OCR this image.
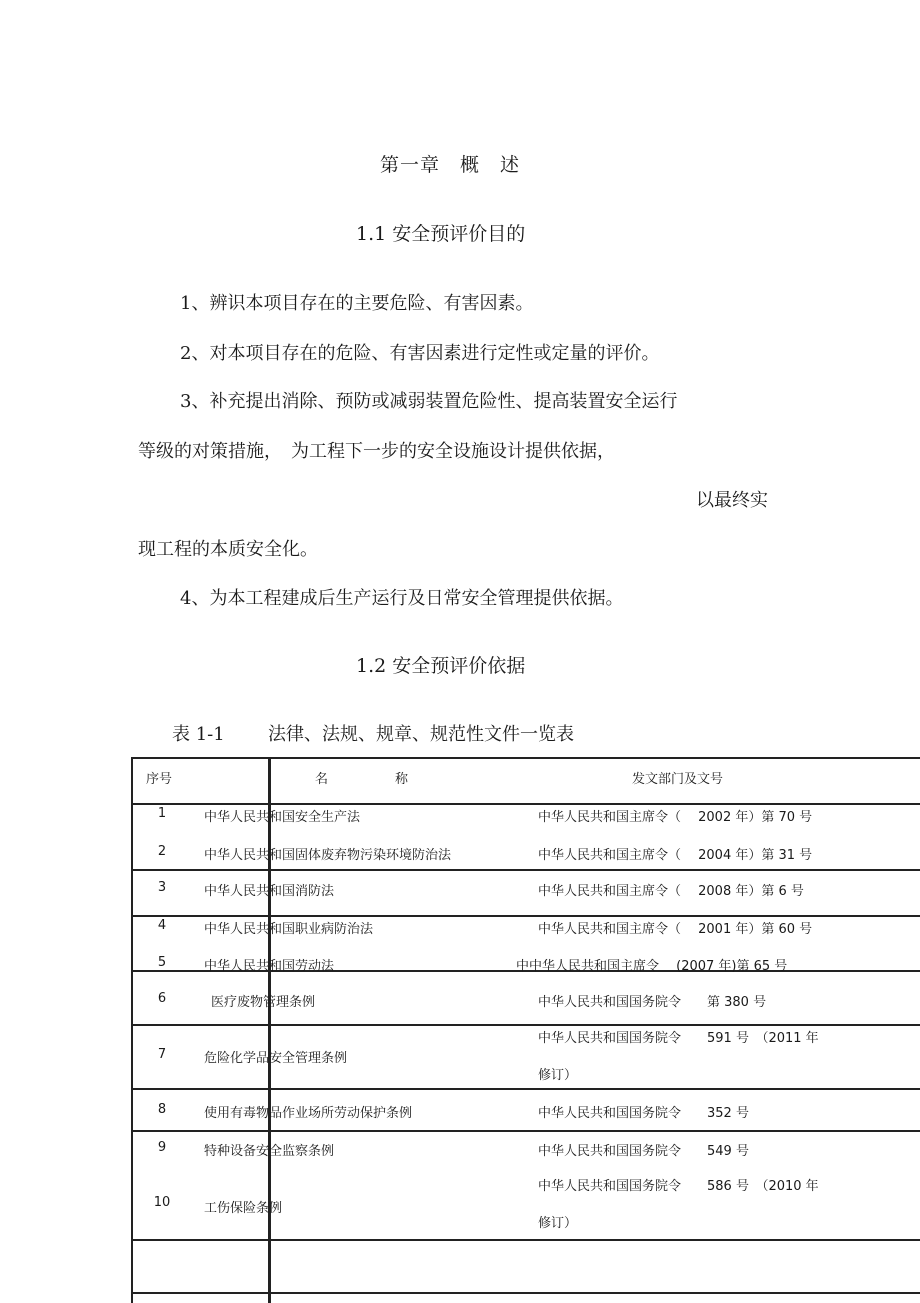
第一章　概　述
1.1 安全预评价目的
1、辨识本项目存在的主要危险、有害因素。
2、对本项目存在的危险、有害因素进行定性或定量的评价。
3、补充提出消除、预防或减弱装置危险性、提高装置安全运行
等级的对策措施，　为工程下一步的安全设施设计提供依据，
以最终实
现工程的本质安全化。
4、为本工程建成后生产运行及日常安全管理提供依据。
1.2 安全预评价依据
表 1-1 法律、法规、规章、规范性文件一览表
序号	名	称	发文部门及文号
1	中华人民共和国安全生产法	中华人民共和国主席令（　 2002 年）第 70 号
2	中华人民共和国固体废弃物污染环境防治法	中华人民共和国主席令（　 2004 年）第 31 号
3	中华人民共和国消防法	中华人民共和国主席令（　 2008 年）第 6 号
4	中华人民共和国职业病防治法	中华人民共和国主席令（　 2001 年）第 60 号
5	中华人民共和国劳动法	中中华人民共和国主席令　 (2007 年)第 65 号
6	医疗废物管理条例	中华人民共和国国务院令　　第 380 号
7	危险化学品安全管理条例
中华人民共和国国务院令　　591 号　（2011 年
修订）
8	使用有毒物品作业场所劳动保护条例	中华人民共和国国务院令　　352 号
9	特种设备安全监察条例	中华人民共和国国务院令　　549 号
10	工伤保险条例
中华人民共和国国务院令　　586 号　（2010 年
修订）
